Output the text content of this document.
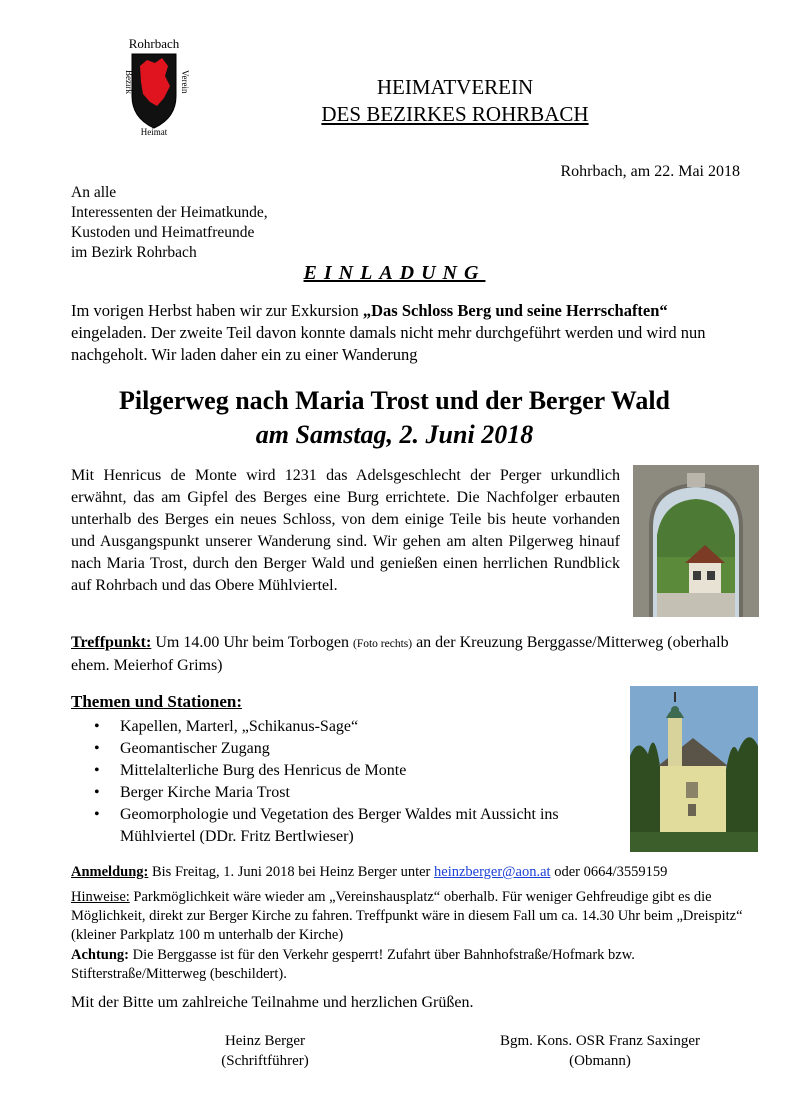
Rohrbach
Bezirk	Verein
Heimat
HEIMATVEREIN
DES BEZIRKES ROHRBACH
Rohrbach, am 22. Mai 2018
An alle
Interessenten der Heimatkunde,
Kustoden und Heimatfreunde
im Bezirk Rohrbach
EINLADUNG
Im vorigen Herbst haben wir zur Exkursion „Das Schloss Berg und seine Herrschaften“ eingeladen. Der zweite Teil davon konnte damals nicht mehr durchgeführt werden und wird nun nachgeholt. Wir laden daher ein zu einer Wanderung
Pilgerweg nach Maria Trost und der Berger Wald
am Samstag, 2. Juni 2018
Mit Henricus de Monte wird 1231 das Adelsgeschlecht der Perger urkundlich erwähnt, das am Gipfel des Berges eine Burg errichtete. Die Nachfolger erbauten unterhalb des Berges ein neues Schloss, von dem einige Teile bis heute vorhanden und Ausgangspunkt unserer Wanderung sind. Wir gehen am alten Pilgerweg hinauf nach Maria Trost, durch den Berger Wald und genießen einen herrlichen Rundblick auf Rohrbach und das Obere Mühlviertel.
Treffpunkt: Um 14.00 Uhr beim Torbogen (Foto rechts) an der Kreuzung Berggasse/Mitterweg (oberhalb ehem. Meierhof Grims)
Themen und Stationen:
• Kapellen, Marterl, „Schikanus-Sage“
• Geomantischer Zugang
• Mittelalterliche Burg des Henricus de Monte
• Berger Kirche Maria Trost
• Geomorphologie und Vegetation des Berger Waldes mit Aussicht ins Mühlviertel (DDr. Fritz Bertlwieser)
Anmeldung: Bis Freitag, 1. Juni 2018 bei Heinz Berger unter heinzberger@aon.at oder 0664/3559159
Hinweise: Parkmöglichkeit wäre wieder am „Vereinshausplatz“ oberhalb. Für weniger Gehfreudige gibt es die Möglichkeit, direkt zur Berger Kirche zu fahren. Treffpunkt wäre in diesem Fall um ca. 14.30 Uhr beim „Dreispitz“ (kleiner Parkplatz 100 m unterhalb der Kirche)
Achtung: Die Berggasse ist für den Verkehr gesperrt! Zufahrt über Bahnhofstraße/Hofmark bzw. Stifterstraße/Mitterweg (beschildert).
Mit der Bitte um zahlreiche Teilnahme und herzlichen Grüßen.
Heinz Berger
(Schriftführer)
Bgm. Kons. OSR Franz Saxinger
(Obmann)
